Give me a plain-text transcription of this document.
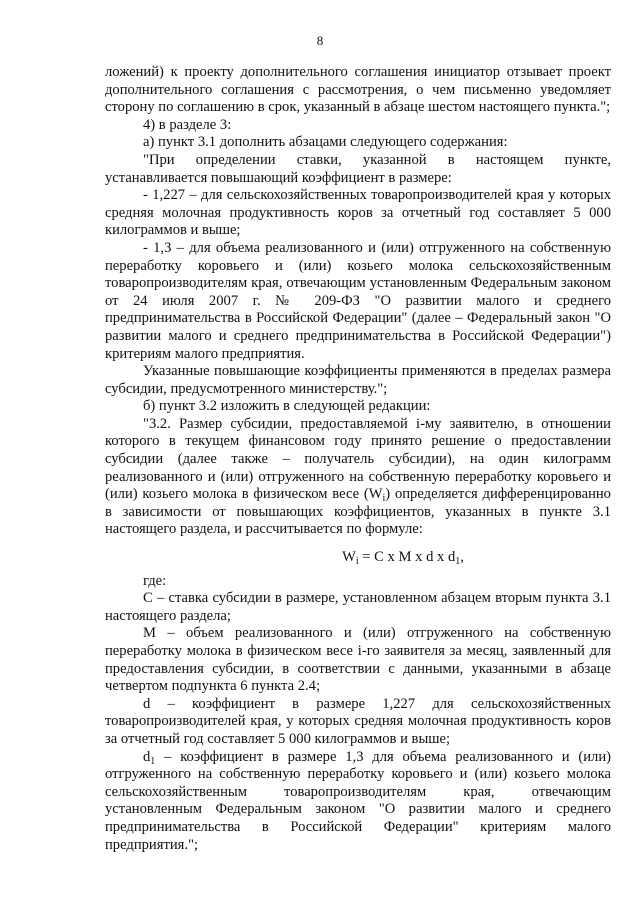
8

ложений) к проекту дополнительного соглашения инициатор отзывает проект дополнительного соглашения с рассмотрения, о чем письменно уведомляет сторону по соглашению в срок, указанный в абзаце шестом настоящего пункта.";

4) в разделе 3:

а) пункт 3.1 дополнить абзацами следующего содержания:

"При определении ставки, указанной в настоящем пункте, устанавливается повышающий коэффициент в размере:

- 1,227 – для сельскохозяйственных товаропроизводителей края у которых средняя молочная продуктивность коров за отчетный год составляет 5 000 килограммов и выше;

- 1,3 – для объема реализованного и (или) отгруженного на собственную переработку коровьего и (или) козьего молока сельскохозяйственным товаропроизводителям края, отвечающим установленным Федеральным законом от 24 июля 2007 г. № 209-ФЗ "О развитии малого и среднего предпринимательства в Российской Федерации" (далее – Федеральный закон "О развитии малого и среднего предпринимательства в Российской Федерации") критериям малого предприятия.

Указанные повышающие коэффициенты применяются в пределах размера субсидии, предусмотренного министерству.";

б) пункт 3.2 изложить в следующей редакции:

"3.2. Размер субсидии, предоставляемой i-му заявителю, в отношении которого в текущем финансовом году принято решение о предоставлении субсидии (далее также – получатель субсидии), на один килограмм реализованного и (или) отгруженного на собственную переработку коровьего и (или) козьего молока в физическом весе $(W_i)$ определяется дифференцированно в зависимости от повышающих коэффициентов, указанных в пункте 3.1 настоящего раздела, и рассчитывается по формуле:

$W_i = C$ x M x d x $d_1$,

где:

C – ставка субсидии в размере, установленном абзацем вторым пункта 3.1 настоящего раздела;

M – объем реализованного и (или) отгруженного на собственную переработку молока в физическом весе i-го заявителя за месяц, заявленный для предоставления субсидии, в соответствии с данными, указанными в абзаце четвертом подпункта 6 пункта 2.4;

d – коэффициент в размере 1,227 для сельскохозяйственных товаропроизводителей края, у которых средняя молочная продуктивность коров за отчетный год составляет 5 000 килограммов и выше;

$d_1$ – коэффициент в размере 1,3 для объема реализованного и (или) отгруженного на собственную переработку коровьего и (или) козьего молока сельскохозяйственным товаропроизводителям края, отвечающим установленным Федеральным законом "О развитии малого и среднего предпринимательства в Российской Федерации" критериям малого предприятия.";
